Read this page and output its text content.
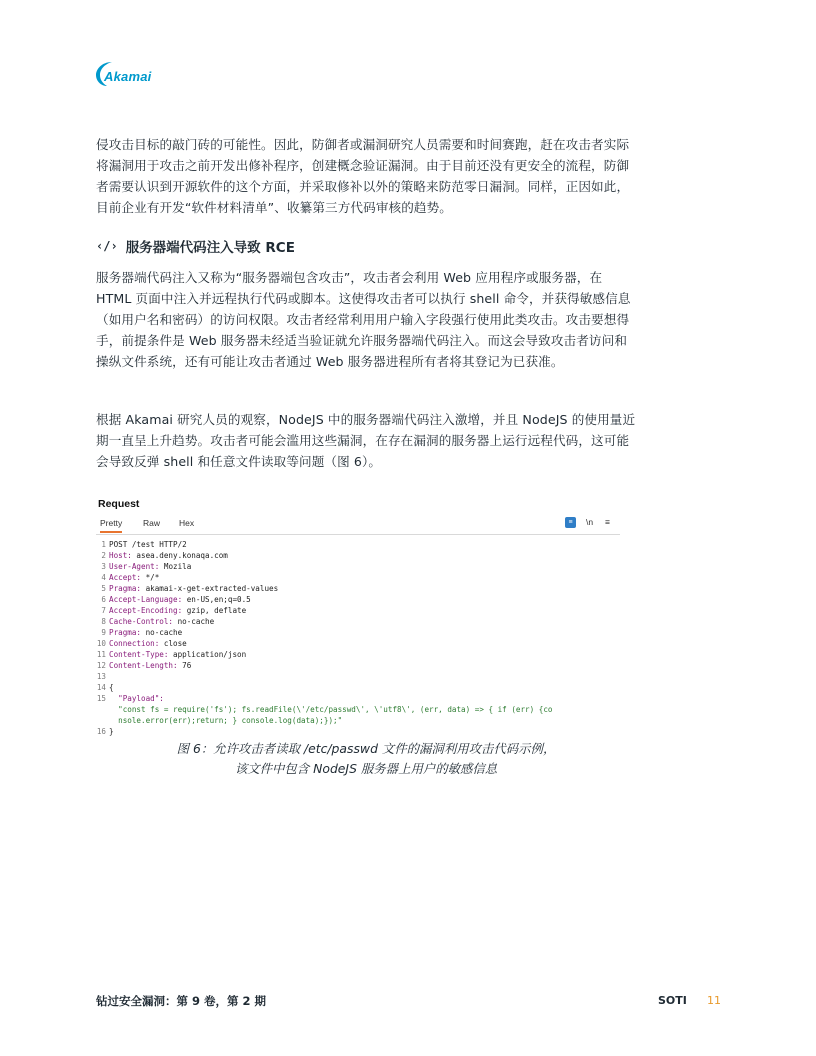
Akamai

侵攻击目标的敲门砖的可能性。因此，防御者或漏洞研究人员需要和时间赛跑，赶在攻击者实际将漏洞用于攻击之前开发出修补程序，创建概念验证漏洞。由于目前还没有更安全的流程，防御者需要认识到开源软件的这个方面，并采取修补以外的策略来防范零日漏洞。同样，正因如此，目前企业有开发“软件材料清单”、收纂第三方代码审核的趋势。

‹/› 服务器端代码注入导致 RCE

服务器端代码注入又称为“服务器端包含攻击”，攻击者会利用 Web 应用程序或服务器，在 HTML 页面中注入并远程执行代码或脚本。这使得攻击者可以执行 shell 命令，并获得敏感信息（如用户名和密码）的访问权限。攻击者经常利用用户输入字段强行使用此类攻击。攻击要想得手，前提条件是 Web 服务器未经适当验证就允许服务器端代码注入。而这会导致攻击者访问和操纵文件系统，还有可能让攻击者通过 Web 服务器进程所有者将其登记为已获准。

根据 Akamai 研究人员的观察，NodeJS 中的服务器端代码注入激增，并且 NodeJS 的使用量近期一直呈上升趋势。攻击者可能会滥用这些漏洞，在存在漏洞的服务器上运行远程代码，这可能会导致反弹 shell 和任意文件读取等问题（图 6）。

Request
Pretty Raw Hex	≡	\n ≡
1 POST /test HTTP/2
2 Host: asea.deny.konaqa.com
3 User-Agent: Mozila
4 Accept: */*
5 Pragma: akamai-x-get-extracted-values
6 Accept-Language: en-US,en;q=0.5
7 Accept-Encoding: gzip, deflate
8 Cache-Control: no-cache
9 Pragma: no-cache
10 Connection: close
11 Content-Type: application/json
12 Content-Length: 76
13
14 {
15 "Payload":
"const fs = require('fs'); fs.readFile(\'/etc/passwd\', \'utf8\', (err, data) => { if (err) {co
nsole.error(err);return; } console.log(data);});"
16 }
图 6：允许攻击者读取 /etc/passwd 文件的漏洞利用攻击代码示例，
该文件中包含 NodeJS 服务器上用户的敏感信息
钻过安全漏洞：第 9 卷，第 2 期	SOTI 11
